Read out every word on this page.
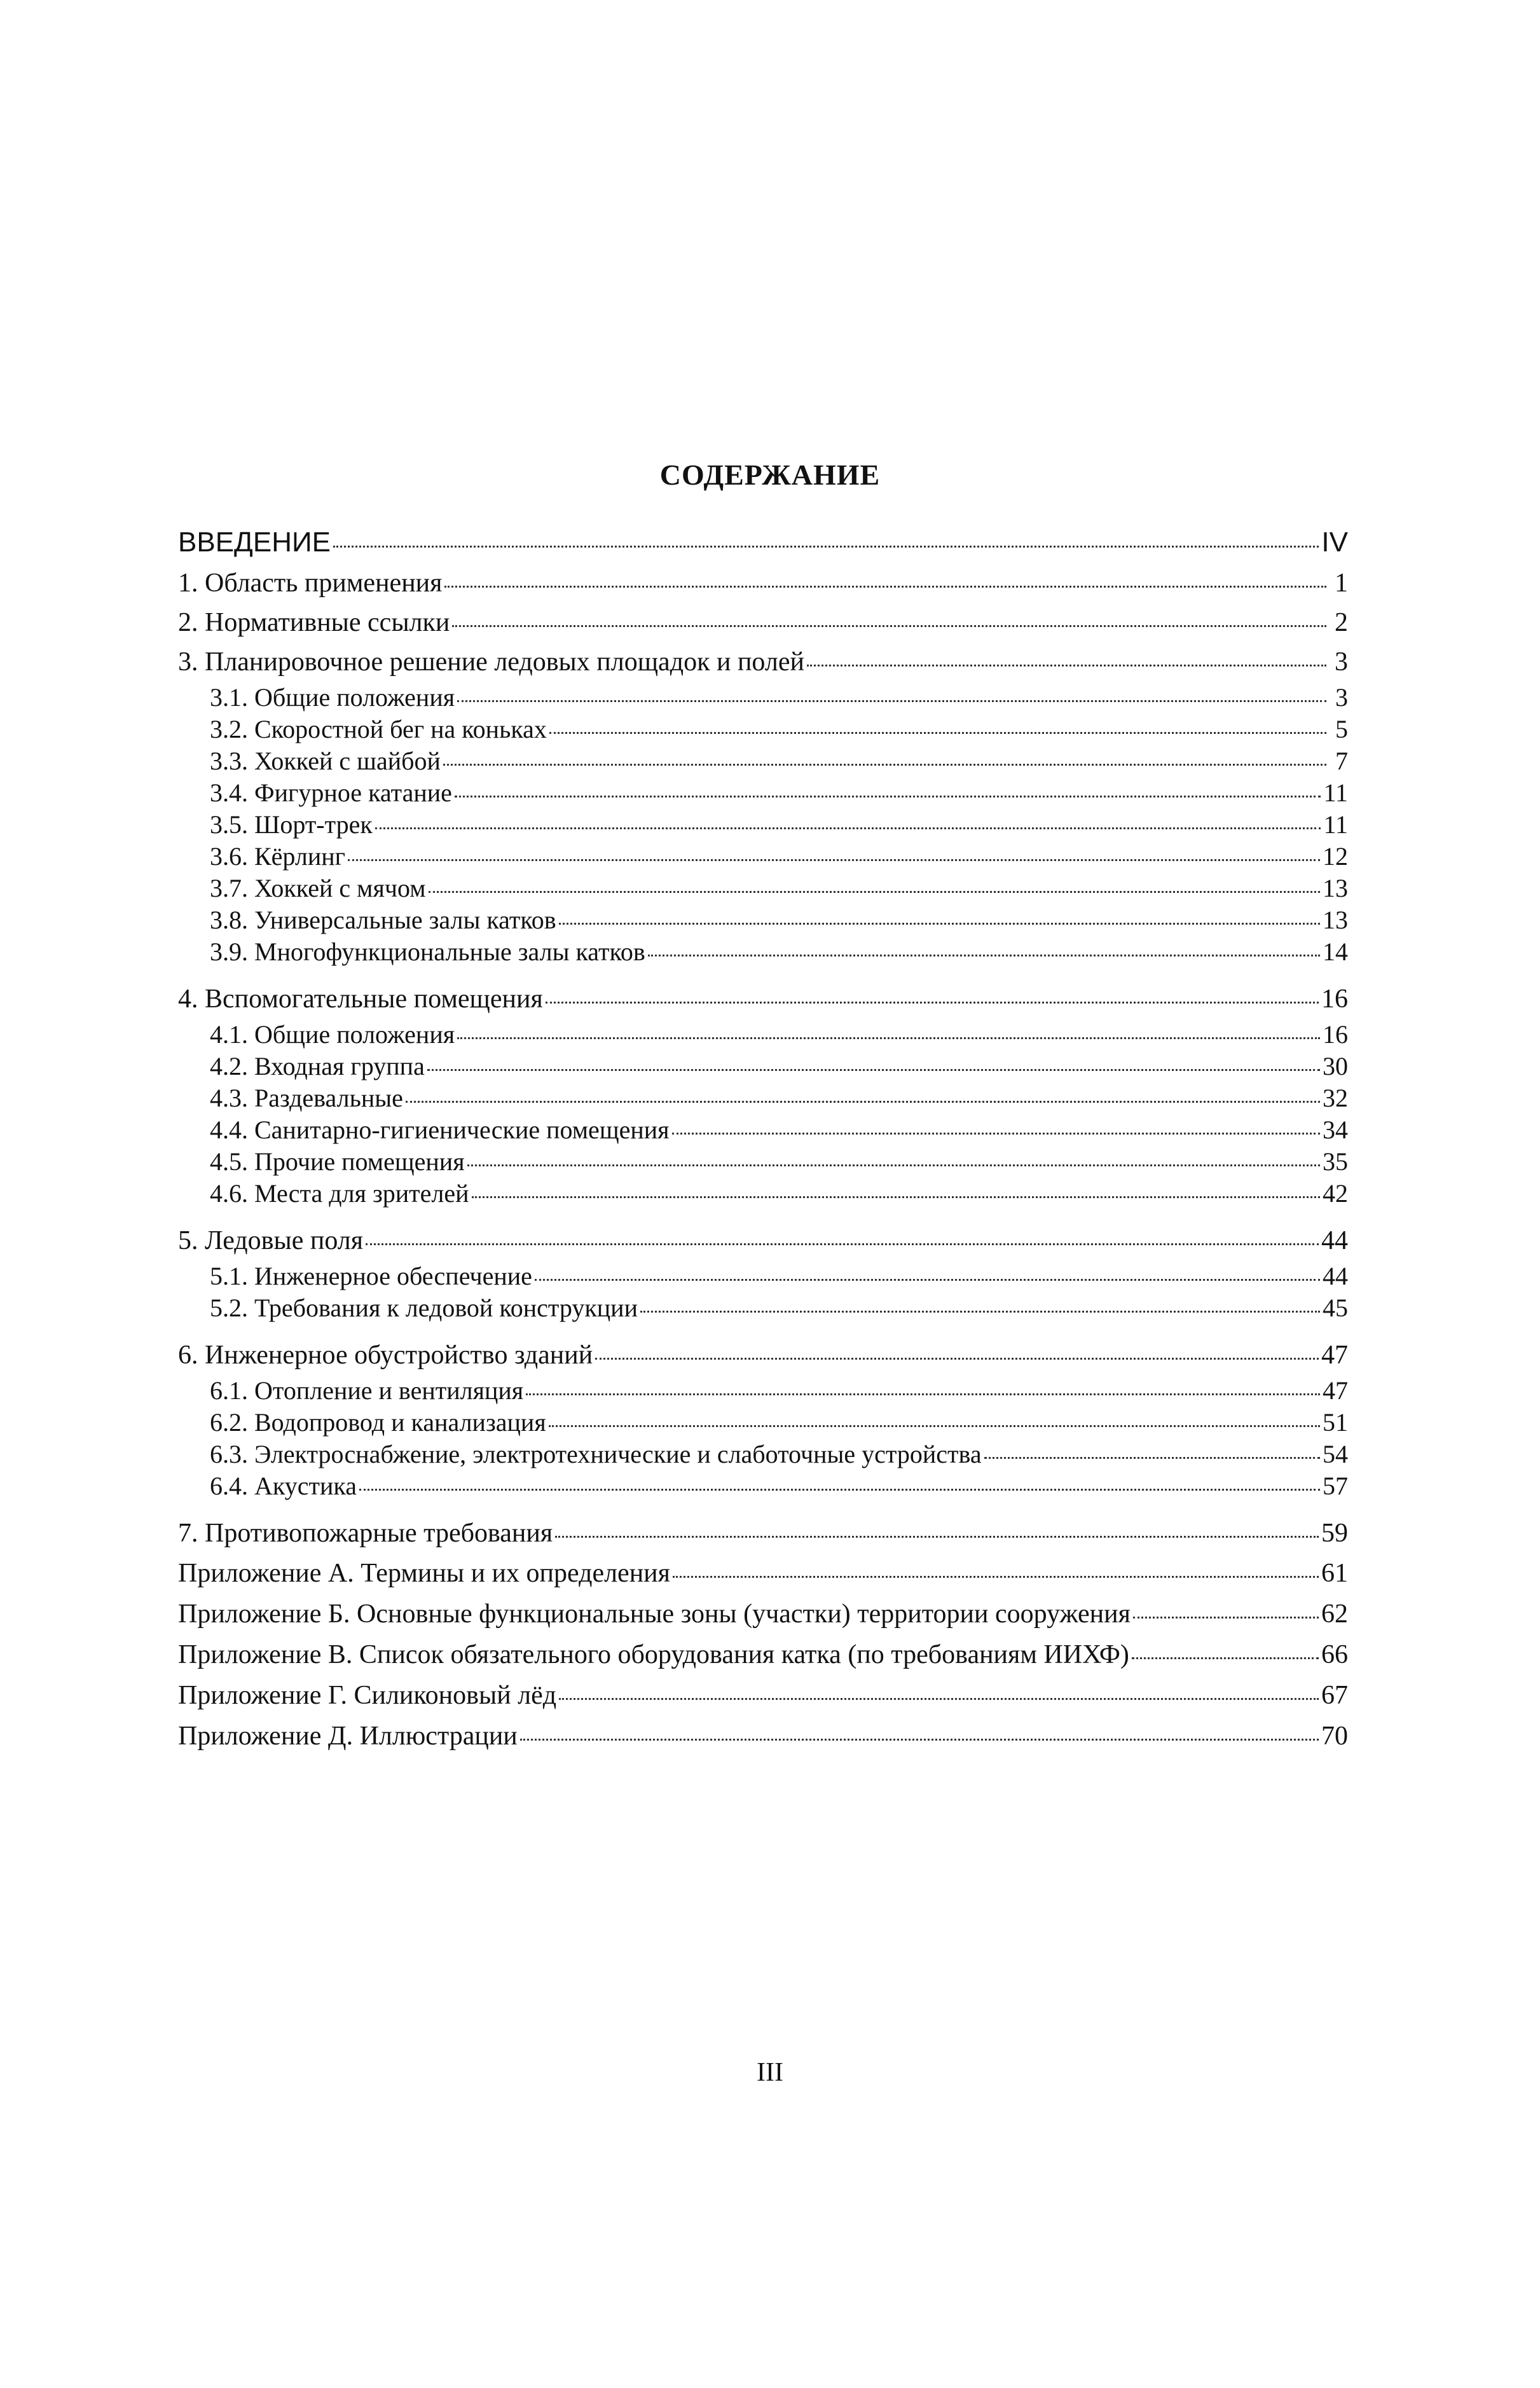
СОДЕРЖАНИЕ
ВВЕДЕНИЕ	IV
1. Область применения	1
2. Нормативные ссылки	2
3. Планировочное решение ледовых площадок и полей	3
3.1. Общие положения	3
3.2. Скоростной бег на коньках	5
3.3. Хоккей с шайбой	7
3.4. Фигурное катание	11
3.5. Шорт-трек	11
3.6. Кёрлинг	12
3.7. Хоккей с мячом	13
3.8. Универсальные залы катков	13
3.9. Многофункциональные залы катков	14
4. Вспомогательные помещения	16
4.1. Общие положения	16
4.2. Входная группа	30
4.3. Раздевальные	32
4.4. Санитарно-гигиенические помещения	34
4.5. Прочие помещения	35
4.6. Места для зрителей	42
5. Ледовые поля	44
5.1. Инженерное обеспечение	44
5.2. Требования к ледовой конструкции	45
6. Инженерное обустройство зданий	47
6.1. Отопление и вентиляция	47
6.2. Водопровод и канализация	51
6.3. Электроснабжение, электротехнические и слаботочные устройства	54
6.4. Акустика	57
7. Противопожарные требования	59
Приложение А. Термины и их определения	61
Приложение Б. Основные функциональные зоны (участки) территории сооружения	62
Приложение В. Список обязательного оборудования катка (по требованиям ИИХФ)	66
Приложение Г. Силиконовый лёд	67
Приложение Д. Иллюстрации	70
III
